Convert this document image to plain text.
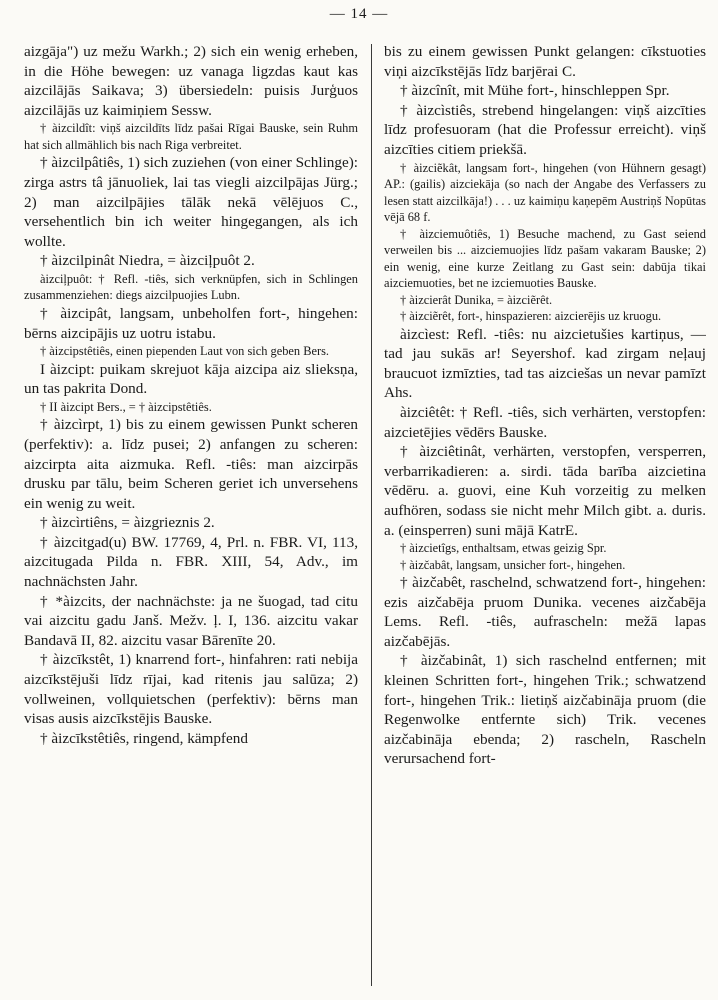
— 14 —

aizgāja") uz mežu Warkh.; 2) sich ein wenig erheben, in die Höhe bewegen: uz vanaga ligzdas kaut kas aizcilājās Saikava; 3) übersiedeln: puisis Jurģuos aizcilājās uz kaimiņiem Sessw.

† àizcildît: viņš aizcildīts līdz pašai Rīgai Bauske, sein Ruhm hat sich allmählich bis nach Riga verbreitet.

† àizcilpâtiês, 1) sich zuziehen (von einer Schlinge): zirga astrs tâ jānuoliek, lai tas viegli aizcilpājas Jürg.; 2) man aizcilpājies tālāk nekā vēlējuos C., versehentlich bin ich weiter hingegangen, als ich wollte.

† àizcilpinât Niedra, = àizciļpuôt 2.

àizciļpuôt: † Refl. -tiês, sich verknüpfen, sich in Schlingen zusammenziehen: diegs aizcilpuojies Lubn.

† àizcipât, langsam, unbeholfen fort-, hingehen: bērns aizcipājis uz uotru istabu.

† àizcipstêtiês, einen piependen Laut von sich geben Bers.

I àizcipt: puikam skrejuot kāja aizcipa aiz slieksņa, un tas pakrita Dond.

† II àizcipt Bers., = † àizcipstêtiês.

† àizcìrpt, 1) bis zu einem gewissen Punkt scheren (perfektiv): a. līdz pusei; 2) anfangen zu scheren: aizcirpta aita aizmuka. Refl. -tiês: man aizcirpās drusku par tālu, beim Scheren geriet ich unversehens ein wenig zu weit.

† àizcìrtiêns, = àizgrieznis 2.

† àizcitgad(u) BW. 17769, 4, Prl. n. FBR. VI, 113, aizcitugada Pilda n. FBR. XIII, 54, Adv., im nachnächsten Jahr.

† *àizcits, der nachnächste: ja ne šuogad, tad citu vai aizcitu gadu Janš. Mežv. ļ. I, 136. aizcitu vakar Bandavā II, 82. aizcitu vasar Bārenīte 20.

† àizcīkstêt, 1) knarrend fort-, hinfahren: rati nebija aizcīkstējuši līdz rījai, kad ritenis jau salūza; 2) vollweinen, vollquietschen (perfektiv): bērns man visas ausis aizcīkstējis Bauske.

† àizcīkstêtiês, ringend, kämpfend

bis zu einem gewissen Punkt gelangen: cīkstuoties viņi aizcīkstējās līdz barjērai C.

† àizcînît, mit Mühe fort-, hinschleppen Spr.

† àizcìstiês, strebend hingelangen: viņš aizcīties līdz profesuoram (hat die Professur erreicht). viņš aizcīties citiem priekšā.

† àizciẽkât, langsam fort-, hingehen (von Hühnern gesagt) AP.: (gailis) aizciekāja (so nach der Angabe des Verfassers zu lesen statt aizcilkāja!) . . . uz kaimiņu kaņepēm Austriņš Nopūtas vējā 68 f.

† àizciemuôtiês, 1) Besuche machend, zu Gast seiend verweilen bis ... aizciemuojies līdz pašam vakaram Bauske; 2) ein wenig, eine kurze Zeitlang zu Gast sein: dabūja tikai aizciemuoties, bet ne izciemuoties Bauske.

† àizcierât Dunika, = àizciẽrêt.

† àizciẽrêt, fort-, hinspazieren: aizcierējis uz kruogu.

àizcìest: Refl. -tiês: nu aizcietušies kartiņus, — tad jau sukās ar! Seyershof. kad zirgam neļauj braucuot izmīzties, tad tas aizciešas un nevar pamīzt Ahs.

àizciêtêt: † Refl. -tiês, sich verhärten, verstopfen: aizcietējies vēdērs Bauske.

† àizciêtinât, verhärten, verstopfen, versperren, verbarrikadieren: a. sirdi. tāda barība aizcietina vēdēru. a. guovi, eine Kuh vorzeitig zu melken aufhören, sodass sie nicht mehr Milch gibt. a. duris. a. (einsperren) suni mājā KatrE.

† àizcietîgs, enthaltsam, etwas geizig Spr.

† àizčabât, langsam, unsicher fort-, hingehen.

† àizčabêt, raschelnd, schwatzend fort-, hingehen: ezis aizčabēja pruom Dunika. vecenes aizčabēja Lems. Refl. -tiês, aufrascheln: mežā lapas aizčabējās.

† àizčabinât, 1) sich raschelnd entfernen; mit kleinen Schritten fort-, hingehen Trik.; schwatzend fort-, hingehen Trik.: lietiņš aizčabināja pruom (die Regenwolke entfernte sich) Trik. vecenes aizčabināja ebenda; 2) rascheln, Rascheln verursachend fort-
